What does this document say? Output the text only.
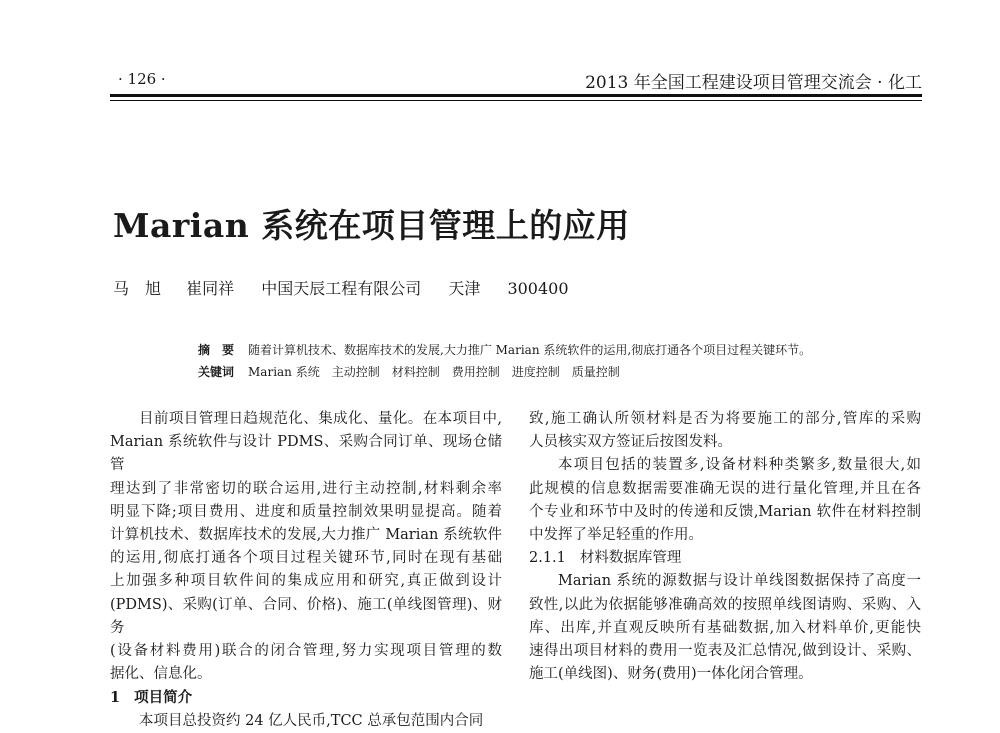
· 126 ·	2013 年全国工程建设项目管理交流会 · 化工
Marian 系统在项目管理上的应用
马　旭 崔同祥 中国天辰工程有限公司 天津 300400
摘　要 随着计算机技术、数据库技术的发展,大力推广 Marian 系统软件的运用,彻底打通各个项目过程关键环节。
关键词 Marian 系统 主动控制 材料控制 费用控制 进度控制 质量控制

目前项目管理日趋规范化、集成化、量化。在本项目中,

Marian 系统软件与设计 PDMS、采购合同订单、现场仓储管

理达到了非常密切的联合运用,进行主动控制,材料剩余率

明显下降;项目费用、进度和质量控制效果明显提高。随着

计算机技术、数据库技术的发展,大力推广 Marian 系统软件

的运用,彻底打通各个项目过程关键环节,同时在现有基础

上加强多种项目软件间的集成应用和研究,真正做到设计

(PDMS)、采购(订单、合同、价格)、施工(单线图管理)、财务

(设备材料费用)联合的闭合管理,努力实现项目管理的数

据化、信息化。

1 项目简介

本项目总投资约 24 亿人民币,TCC 总承包范围内合同

致,施工确认所领材料是否为将要施工的部分,管库的采购

人员核实双方签证后按图发料。

本项目包括的装置多,设备材料种类繁多,数量很大,如

此规模的信息数据需要准确无误的进行量化管理,并且在各

个专业和环节中及时的传递和反馈,Marian 软件在材料控制

中发挥了举足轻重的作用。

2.1.1 材料数据库管理

Marian 系统的源数据与设计单线图数据保持了高度一

致性,以此为依据能够准确高效的按照单线图请购、采购、入

库、出库,并直观反映所有基础数据,加入材料单价,更能快

速得出项目材料的费用一览表及汇总情况,做到设计、采购、

施工(单线图)、财务(费用)一体化闭合管理。
